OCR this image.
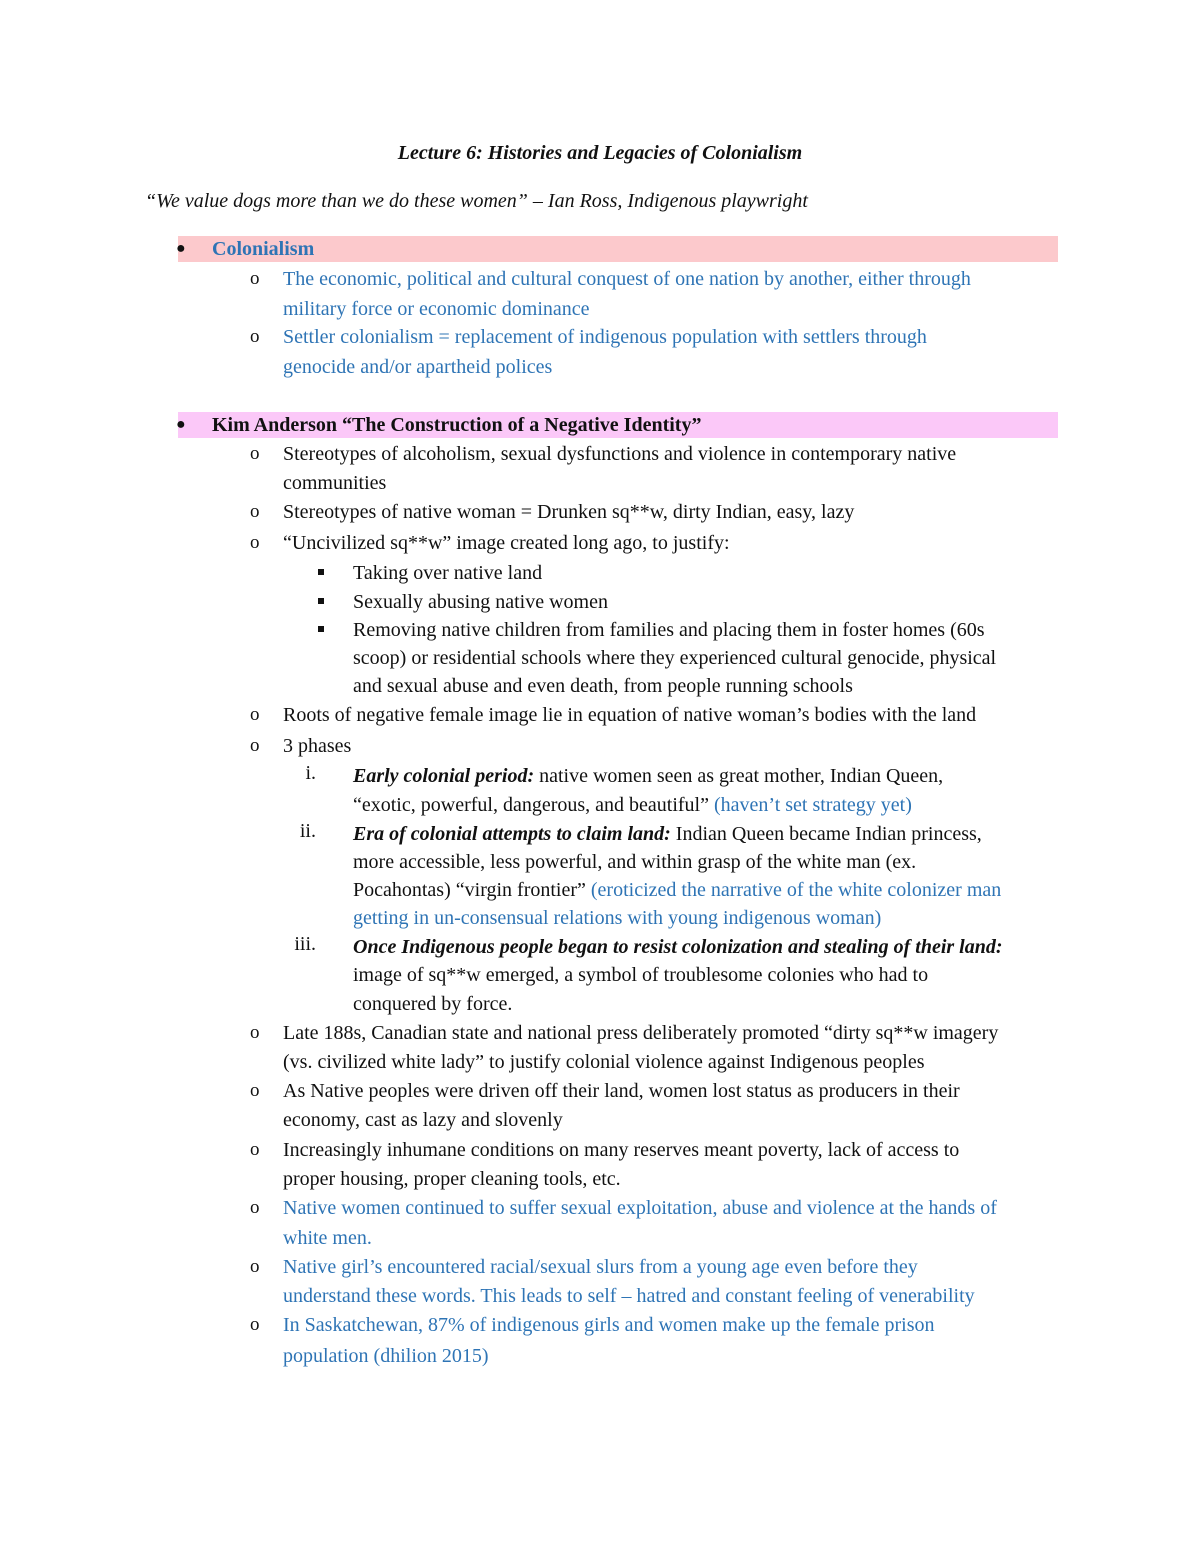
Lecture 6: Histories and Legacies of Colonialism
“We value dogs more than we do these women” – Ian Ross, Indigenous playwright
● Colonialism
o The economic, political and cultural conquest of one nation by another, either through
military force or economic dominance
o Settler colonialism = replacement of indigenous population with settlers through
genocide and/or apartheid polices
● Kim Anderson “The Construction of a Negative Identity”
o Stereotypes of alcoholism, sexual dysfunctions and violence in contemporary native
communities
o Stereotypes of native woman = Drunken sq**w, dirty Indian, easy, lazy
o “Uncivilized sq**w” image created long ago, to justify:
Taking over native land
Sexually abusing native women
Removing native children from families and placing them in foster homes (60s
scoop) or residential schools where they experienced cultural genocide, physical
and sexual abuse and even death, from people running schools
o Roots of negative female image lie in equation of native woman’s bodies with the land
o 3 phases
i. Early colonial period: native women seen as great mother, Indian Queen,
“exotic, powerful, dangerous, and beautiful” (haven’t set strategy yet)
ii. Era of colonial attempts to claim land: Indian Queen became Indian princess,
more accessible, less powerful, and within grasp of the white man (ex.
Pocahontas) “virgin frontier” (eroticized the narrative of the white colonizer man
getting in un-consensual relations with young indigenous woman)
iii. Once Indigenous people began to resist colonization and stealing of their land:
image of sq**w emerged, a symbol of troublesome colonies who had to
conquered by force.
o Late 188s, Canadian state and national press deliberately promoted “dirty sq**w imagery
(vs. civilized white lady” to justify colonial violence against Indigenous peoples
o As Native peoples were driven off their land, women lost status as producers in their
economy, cast as lazy and slovenly
o Increasingly inhumane conditions on many reserves meant poverty, lack of access to
proper housing, proper cleaning tools, etc.
o Native women continued to suffer sexual exploitation, abuse and violence at the hands of
white men.
o Native girl’s encountered racial/sexual slurs from a young age even before they
understand these words. This leads to self – hatred and constant feeling of venerability
o In Saskatchewan, 87% of indigenous girls and women make up the female prison
population (dhilion 2015)
